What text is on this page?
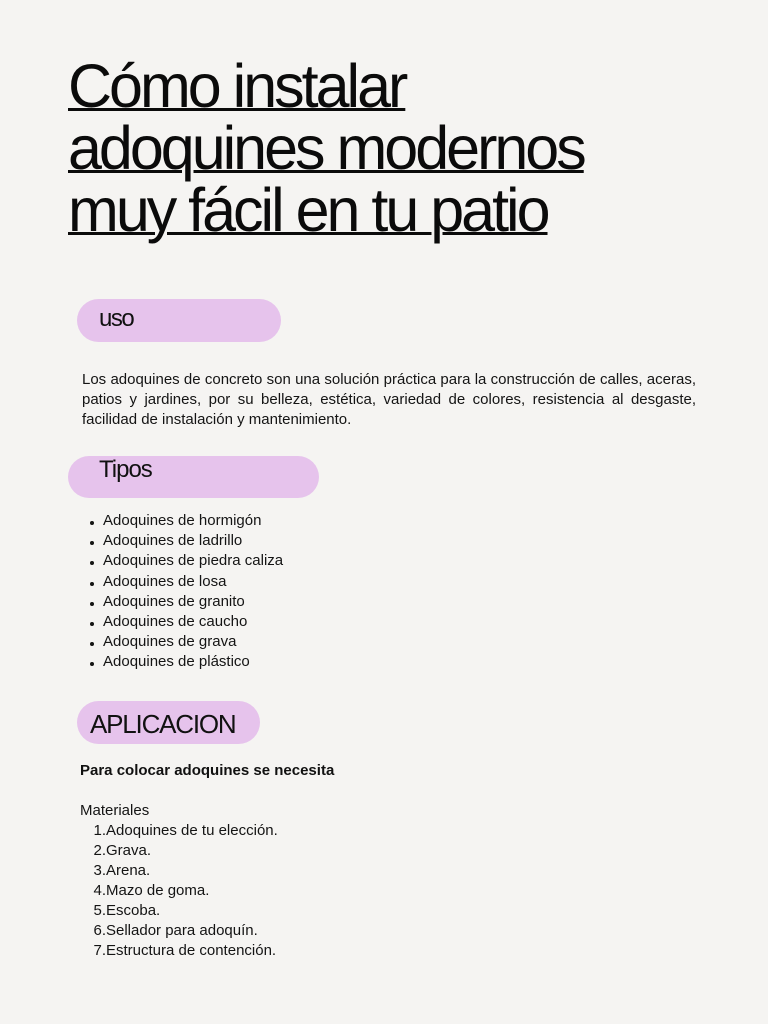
Cómo instalar
adoquines modernos
muy fácil en tu patio
uso

Los adoquines de concreto son una solución práctica para la construcción de calles, aceras, patios y jardines, por su belleza, estética, variedad de colores, resistencia al desgaste, facilidad de instalación y mantenimiento.

Tipos
Adoquines de hormigón
Adoquines de ladrillo
Adoquines de piedra caliza
Adoquines de losa
Adoquines de granito
Adoquines de caucho
Adoquines de grava
Adoquines de plástico
APLICACION

Para colocar adoquines se necesita

Materiales

1. Adoquines de tu elección.
2. Grava.
3. Arena.
4. Mazo de goma.
5. Escoba.
6. Sellador para adoquín.
7. Estructura de contención.
